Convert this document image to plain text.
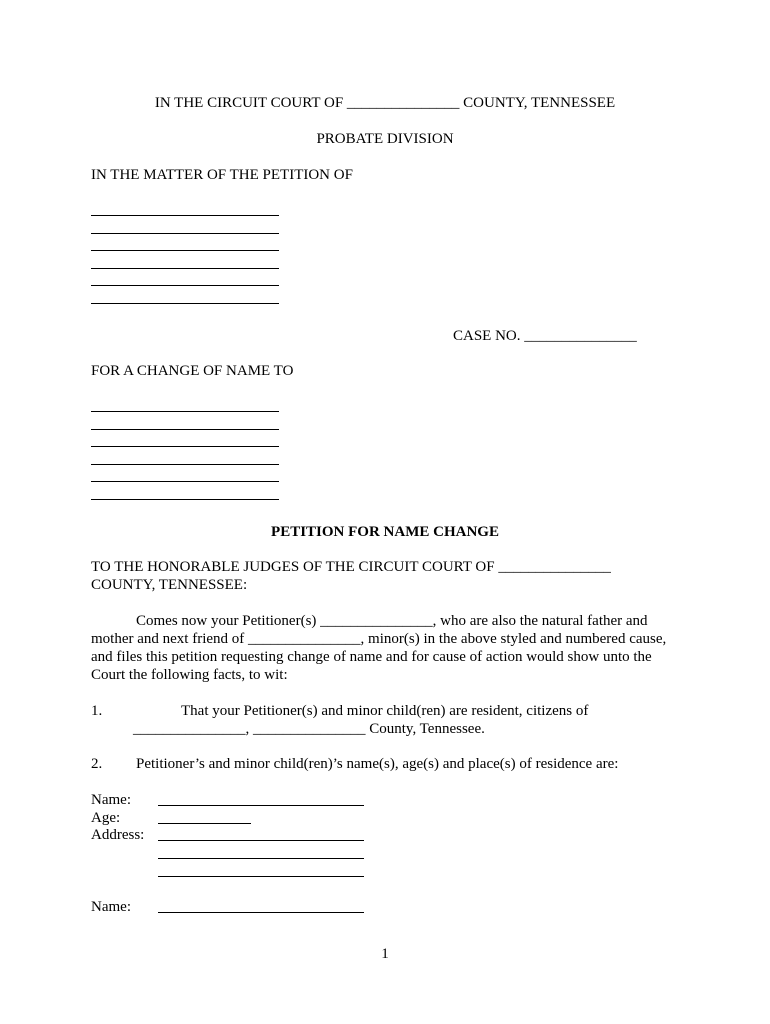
IN THE CIRCUIT COURT OF _______________ COUNTY, TENNESSEE
PROBATE DIVISION
IN THE MATTER OF THE PETITION OF
CASE NO. _______________
FOR A CHANGE OF NAME TO
PETITION FOR NAME CHANGE
TO THE HONORABLE JUDGES OF THE CIRCUIT COURT OF _______________
COUNTY, TENNESSEE:
Comes now your Petitioner(s) _______________, who are also the natural father and
mother and next friend of _______________, minor(s) in the above styled and numbered cause,
and files this petition requesting change of name and for cause of action would show unto the
Court the following facts, to wit:
1.	That your Petitioner(s) and minor child(ren) are resident, citizens of
_______________, _______________ County, Tennessee.
2. Petitioner’s and minor child(ren)’s name(s), age(s) and place(s) of residence are:
Name:
Age:
Address:
Name:
1
